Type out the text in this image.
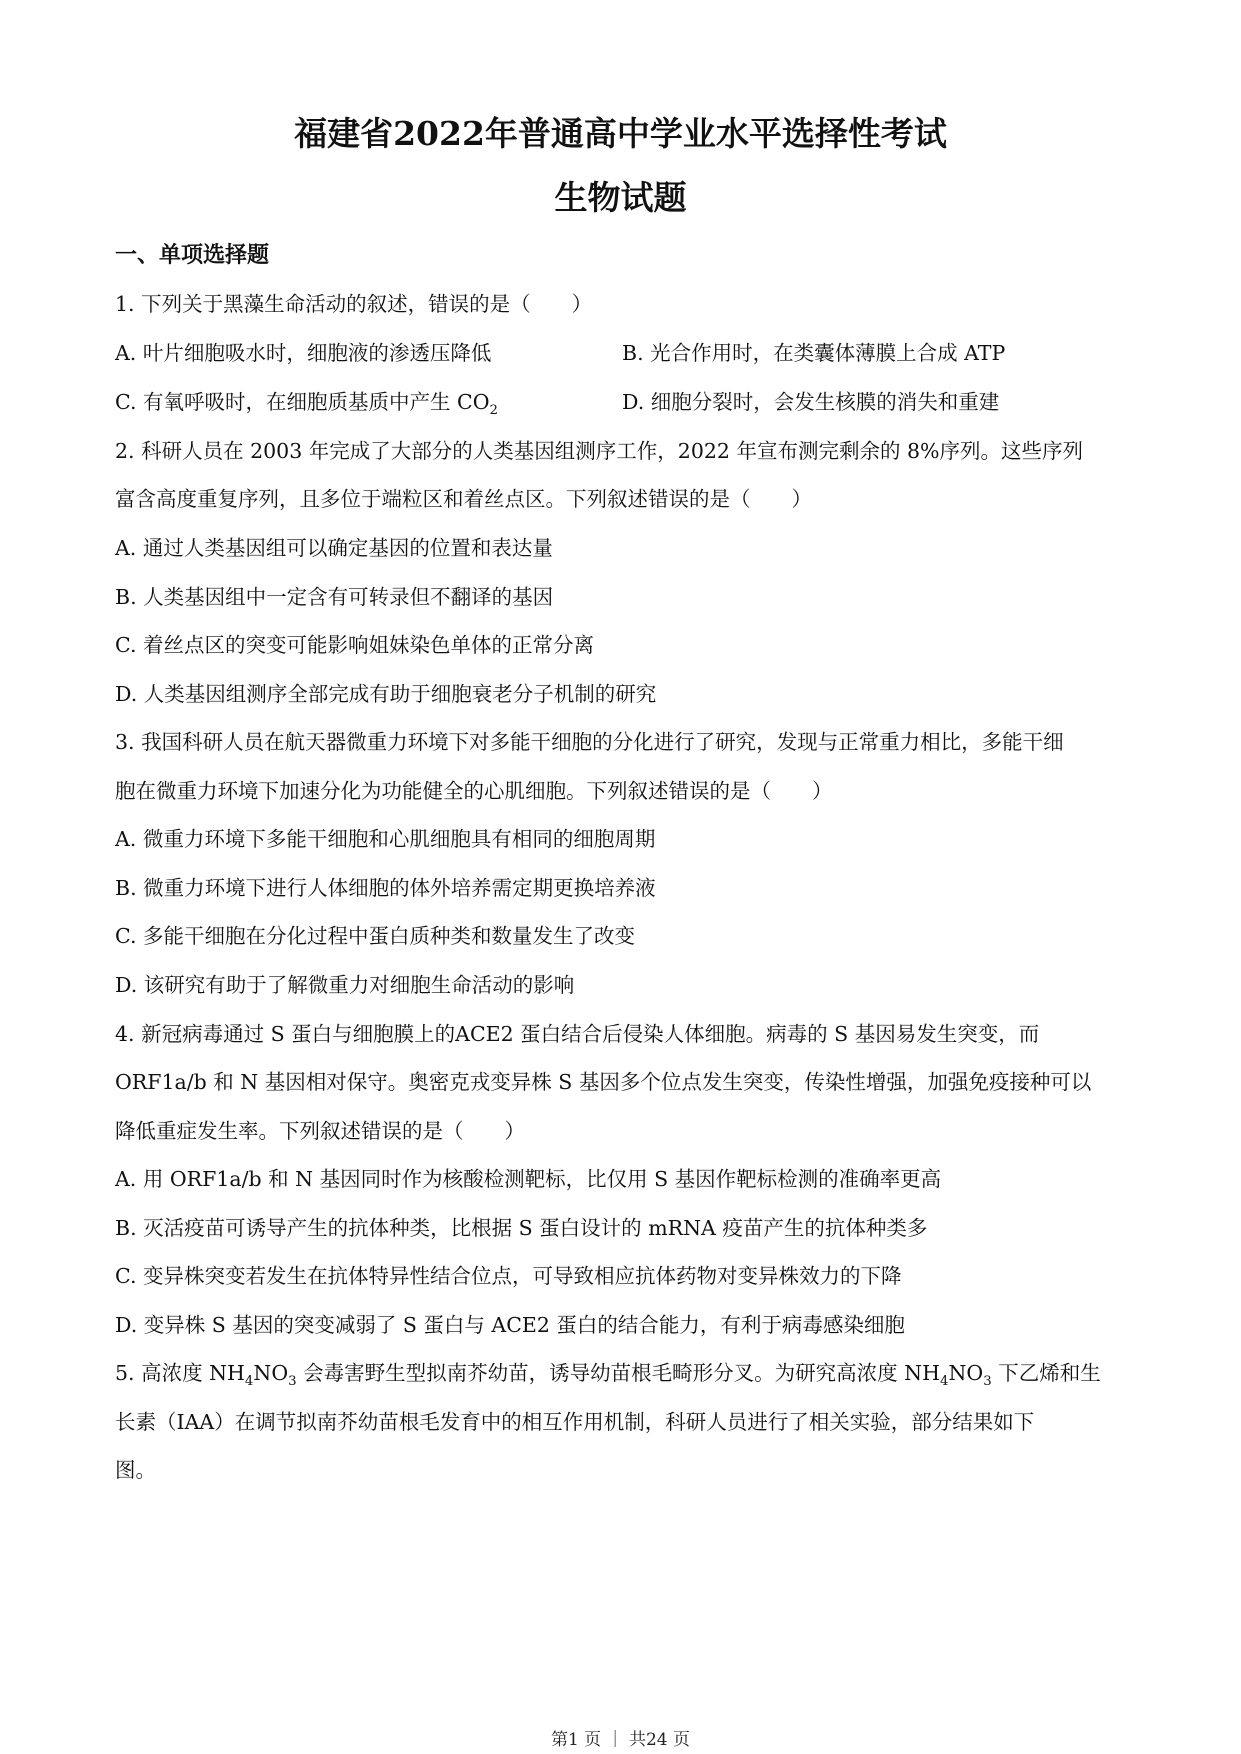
福建省2022年普通高中学业水平选择性考试
生物试题
一、单项选择题
1. 下列关于黑藻生命活动的叙述，错误的是（　　）
A. 叶片细胞吸水时，细胞液的渗透压降低	B. 光合作用时，在类囊体薄膜上合成 ATP
C. 有氧呼吸时，在细胞质基质中产生 $CO_2$	D. 细胞分裂时，会发生核膜的消失和重建
2. 科研人员在 2003 年完成了大部分的人类基因组测序工作，2022 年宣布测完剩余的 8%序列。这些序列
富含高度重复序列，且多位于端粒区和着丝点区。下列叙述错误的是（　　）
A. 通过人类基因组可以确定基因的位置和表达量
B. 人类基因组中一定含有可转录但不翻译的基因
C. 着丝点区的突变可能影响姐妹染色单体的正常分离
D. 人类基因组测序全部完成有助于细胞衰老分子机制的研究
3. 我国科研人员在航天器微重力环境下对多能干细胞的分化进行了研究，发现与正常重力相比，多能干细
胞在微重力环境下加速分化为功能健全的心肌细胞。下列叙述错误的是（　　）
A. 微重力环境下多能干细胞和心肌细胞具有相同的细胞周期
B. 微重力环境下进行人体细胞的体外培养需定期更换培养液
C. 多能干细胞在分化过程中蛋白质种类和数量发生了改变
D. 该研究有助于了解微重力对细胞生命活动的影响
4. 新冠病毒通过 S 蛋白与细胞膜上的ACE2 蛋白结合后侵染人体细胞。病毒的 S 基因易发生突变，而
ORF1a/b 和 N 基因相对保守。奥密克戎变异株 S 基因多个位点发生突变，传染性增强，加强免疫接种可以
降低重症发生率。下列叙述错误的是（　　）
A. 用 ORF1a/b 和 N 基因同时作为核酸检测靶标，比仅用 S 基因作靶标检测的准确率更高
B. 灭活疫苗可诱导产生的抗体种类，比根据 S 蛋白设计的 mRNA 疫苗产生的抗体种类多
C. 变异株突变若发生在抗体特异性结合位点，可导致相应抗体药物对变异株效力的下降
D. 变异株 S 基因的突变减弱了 S 蛋白与 ACE2 蛋白的结合能力，有利于病毒感染细胞
5. 高浓度 $NH_4NO_3$ 会毒害野生型拟南芥幼苗，诱导幼苗根毛畸形分叉。为研究高浓度 $NH_4NO_3$ 下乙烯和生
长素（IAA）在调节拟南芥幼苗根毛发育中的相互作用机制，科研人员进行了相关实验，部分结果如下
图。
第1 页 ｜ 共24 页
